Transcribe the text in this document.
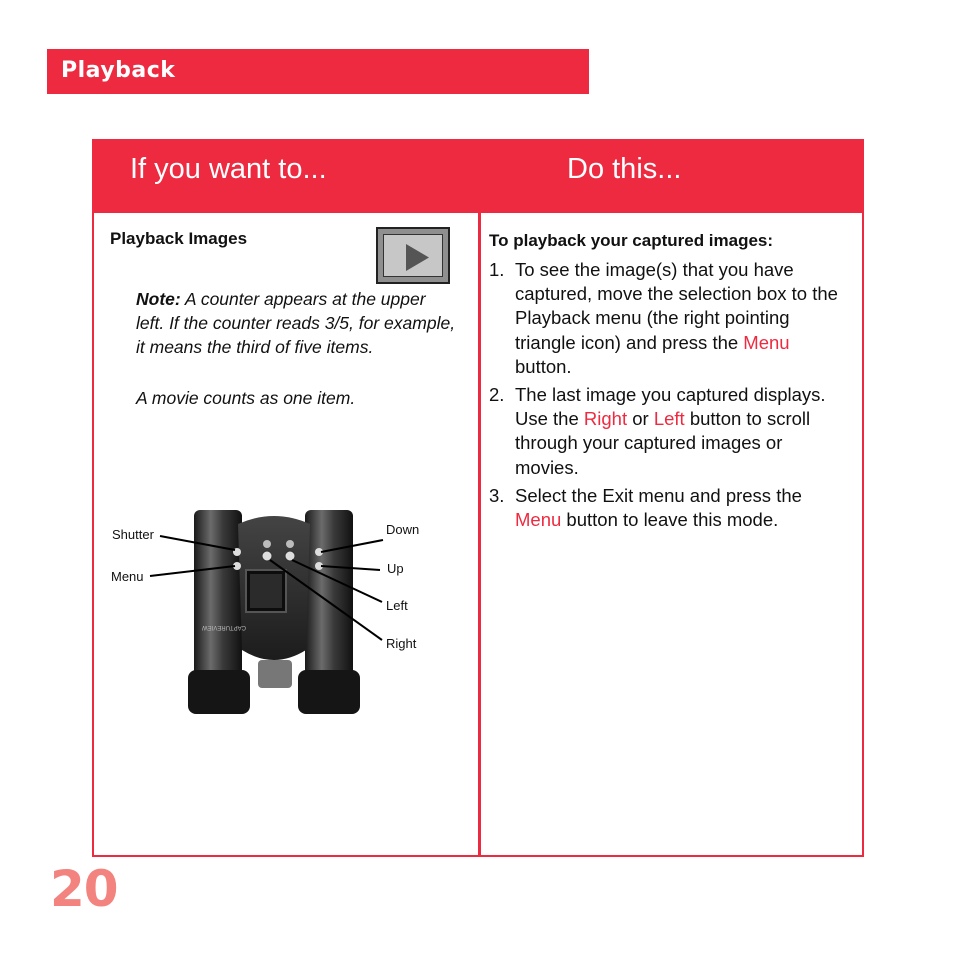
Playback
If you want to...	Do this...
Playback Images
Note: A counter appears at the upper left. If the counter reads 3/5, for example, it means the third of five items.
A movie counts as one item.
CAPTUREVIEW
Shutter
Menu
Down
Up
Left
Right
To playback your captured images:
1. To see the image(s) that you have captured, move the selection box to the Playback menu (the right pointing triangle icon) and press the Menu button.
2. The last image you captured displays. Use the Right or Left button to scroll through your captured images or movies.
3. Select the Exit menu and press the Menu button to leave this mode.
20
